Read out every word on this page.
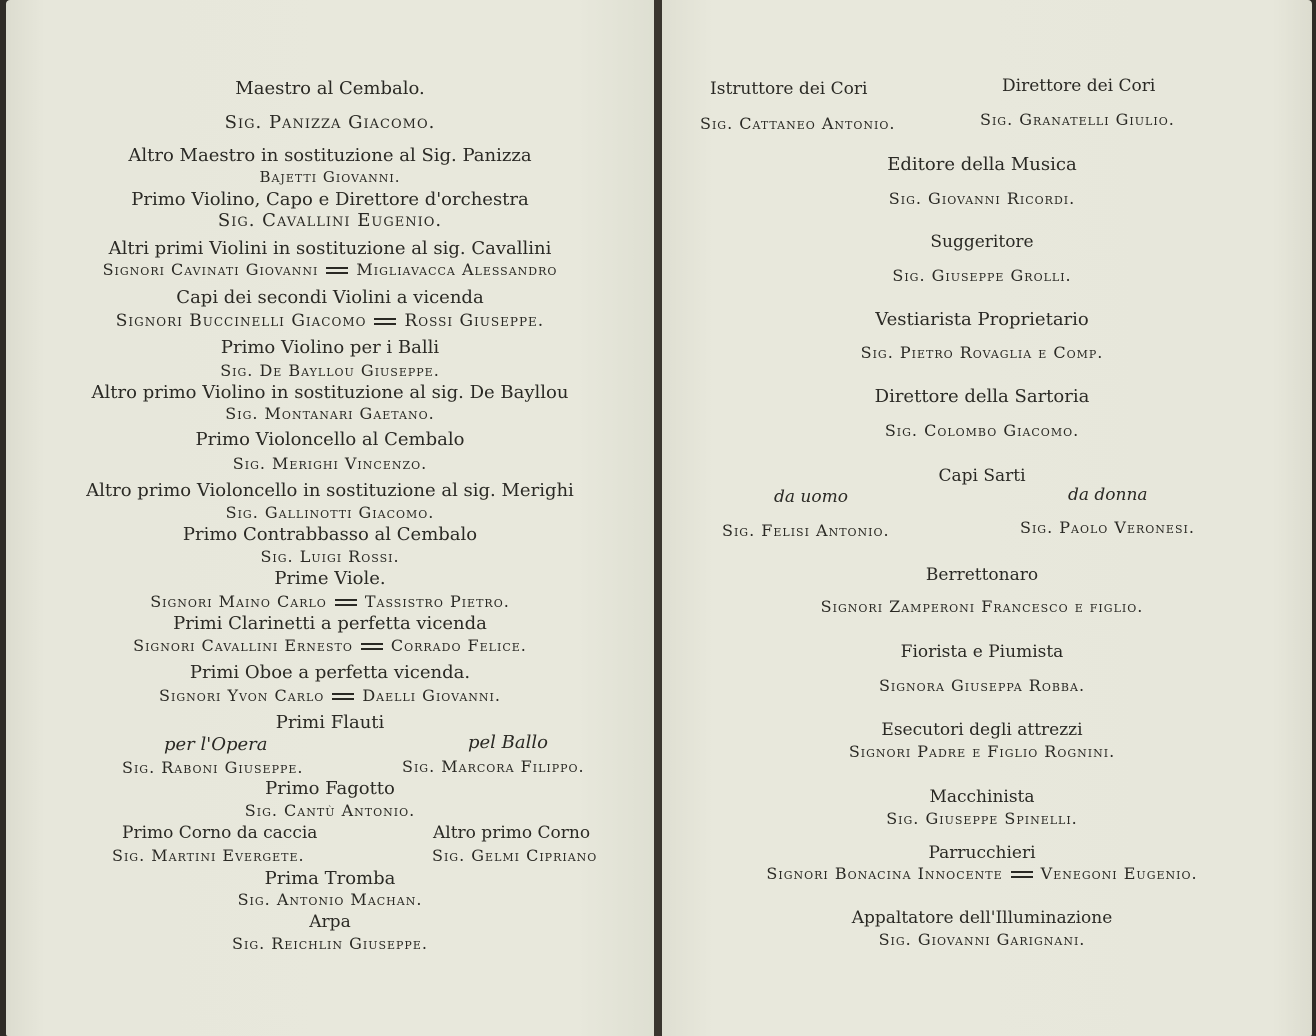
Maestro al Cembalo.
Sig. Panizza Giacomo.
Altro Maestro in sostituzione al Sig. Panizza
Bajetti Giovanni.
Primo Violino, Capo e Direttore d'orchestra
Sig. Cavallini Eugenio.
Altri primi Violini in sostituzione al sig. Cavallini
Signori Cavinati Giovanni Migliavacca Alessandro
Capi dei secondi Violini a vicenda
Signori Buccinelli Giacomo Rossi Giuseppe.
Primo Violino per i Balli
Sig. De Bayllou Giuseppe.
Altro primo Violino in sostituzione al sig. De Bayllou
Sig. Montanari Gaetano.
Primo Violoncello al Cembalo
Sig. Merighi Vincenzo.
Altro primo Violoncello in sostituzione al sig. Merighi
Sig. Gallinotti Giacomo.
Primo Contrabbasso al Cembalo
Sig. Luigi Rossi.
Prime Viole.
Signori Maino Carlo Tassistro Pietro.
Primi Clarinetti a perfetta vicenda
Signori Cavallini Ernesto Corrado Felice.
Primi Oboe a perfetta vicenda.
Signori Yvon Carlo Daelli Giovanni.
Primi Flauti
per l'Opera	pel Ballo
Sig. Raboni Giuseppe.	Sig. Marcora Filippo.
Primo Fagotto
Sig. Cantù Antonio.
Primo Corno da caccia	Altro primo Corno
Sig. Martini Evergete.	Sig. Gelmi Cipriano
Prima Tromba
Sig. Antonio Machan.
Arpa
Sig. Reichlin Giuseppe.
Istruttore dei Cori	Direttore dei Cori
Sig. Cattaneo Antonio.	Sig. Granatelli Giulio.
Editore della Musica
Sig. Giovanni Ricordi.
Suggeritore
Sig. Giuseppe Grolli.
Vestiarista Proprietario
Sig. Pietro Rovaglia e Comp.
Direttore della Sartoria
Sig. Colombo Giacomo.
Capi Sarti
da uomo	da donna
Sig. Felisi Antonio.	Sig. Paolo Veronesi.
Berrettonaro
Signori Zamperoni Francesco e figlio.
Fiorista e Piumista
Signora Giuseppa Robba.
Esecutori degli attrezzi
Signori Padre e Figlio Rognini.
Macchinista
Sig. Giuseppe Spinelli.
Parrucchieri
Signori Bonacina Innocente Venegoni Eugenio.
Appaltatore dell'Illuminazione
Sig. Giovanni Garignani.
